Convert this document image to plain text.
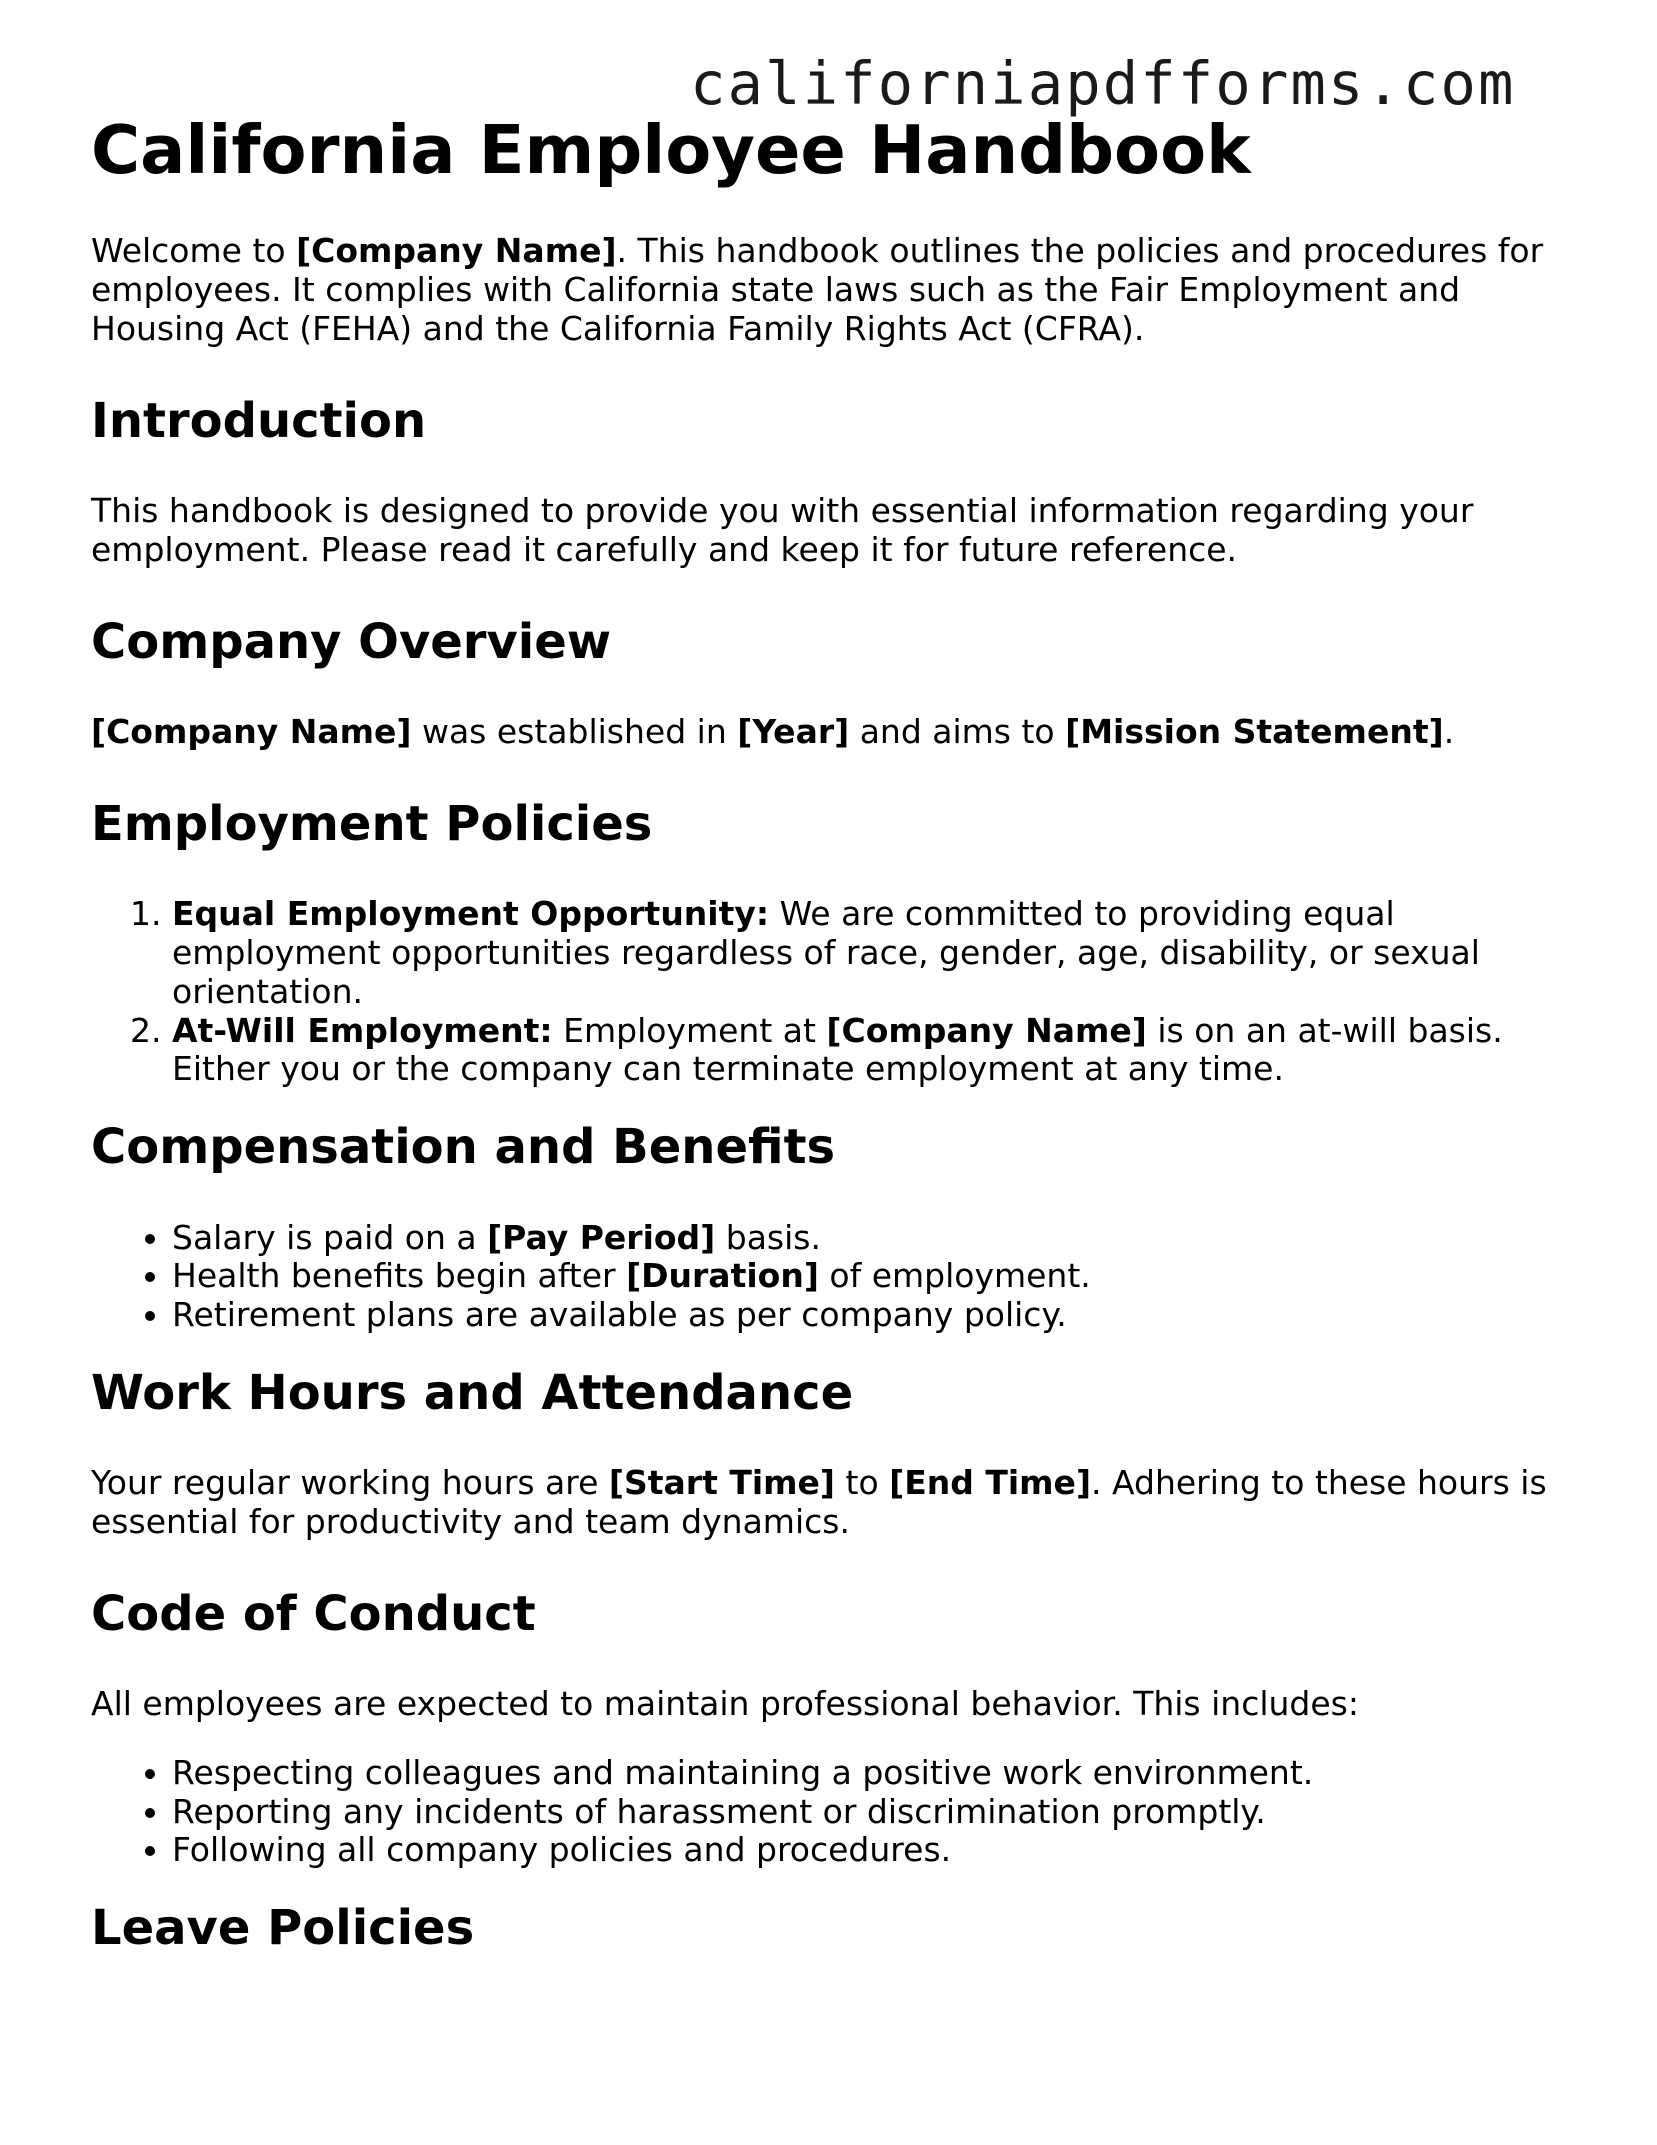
californiapdfforms.com
California Employee Handbook

Welcome to [Company Name]. This handbook outlines the policies and procedures for employees. It complies with California state laws such as the Fair Employment and Housing Act (FEHA) and the California Family Rights Act (CFRA).

Introduction

This handbook is designed to provide you with essential information regarding your employment. Please read it carefully and keep it for future reference.

Company Overview

[Company Name] was established in [Year] and aims to [Mission Statement].

Employment Policies
1. Equal Employment Opportunity: We are committed to providing equal employment opportunities regardless of race, gender, age, disability, or sexual orientation.
2. At-Will Employment: Employment at [Company Name] is on an at-will basis. Either you or the company can terminate employment at any time.
Compensation and Benefits
• Salary is paid on a [Pay Period] basis.
• Health benefits begin after [Duration] of employment.
• Retirement plans are available as per company policy.
Work Hours and Attendance

Your regular working hours are [Start Time] to [End Time]. Adhering to these hours is essential for productivity and team dynamics.

Code of Conduct

All employees are expected to maintain professional behavior. This includes:

• Respecting colleagues and maintaining a positive work environment.
• Reporting any incidents of harassment or discrimination promptly.
• Following all company policies and procedures.
Leave Policies
